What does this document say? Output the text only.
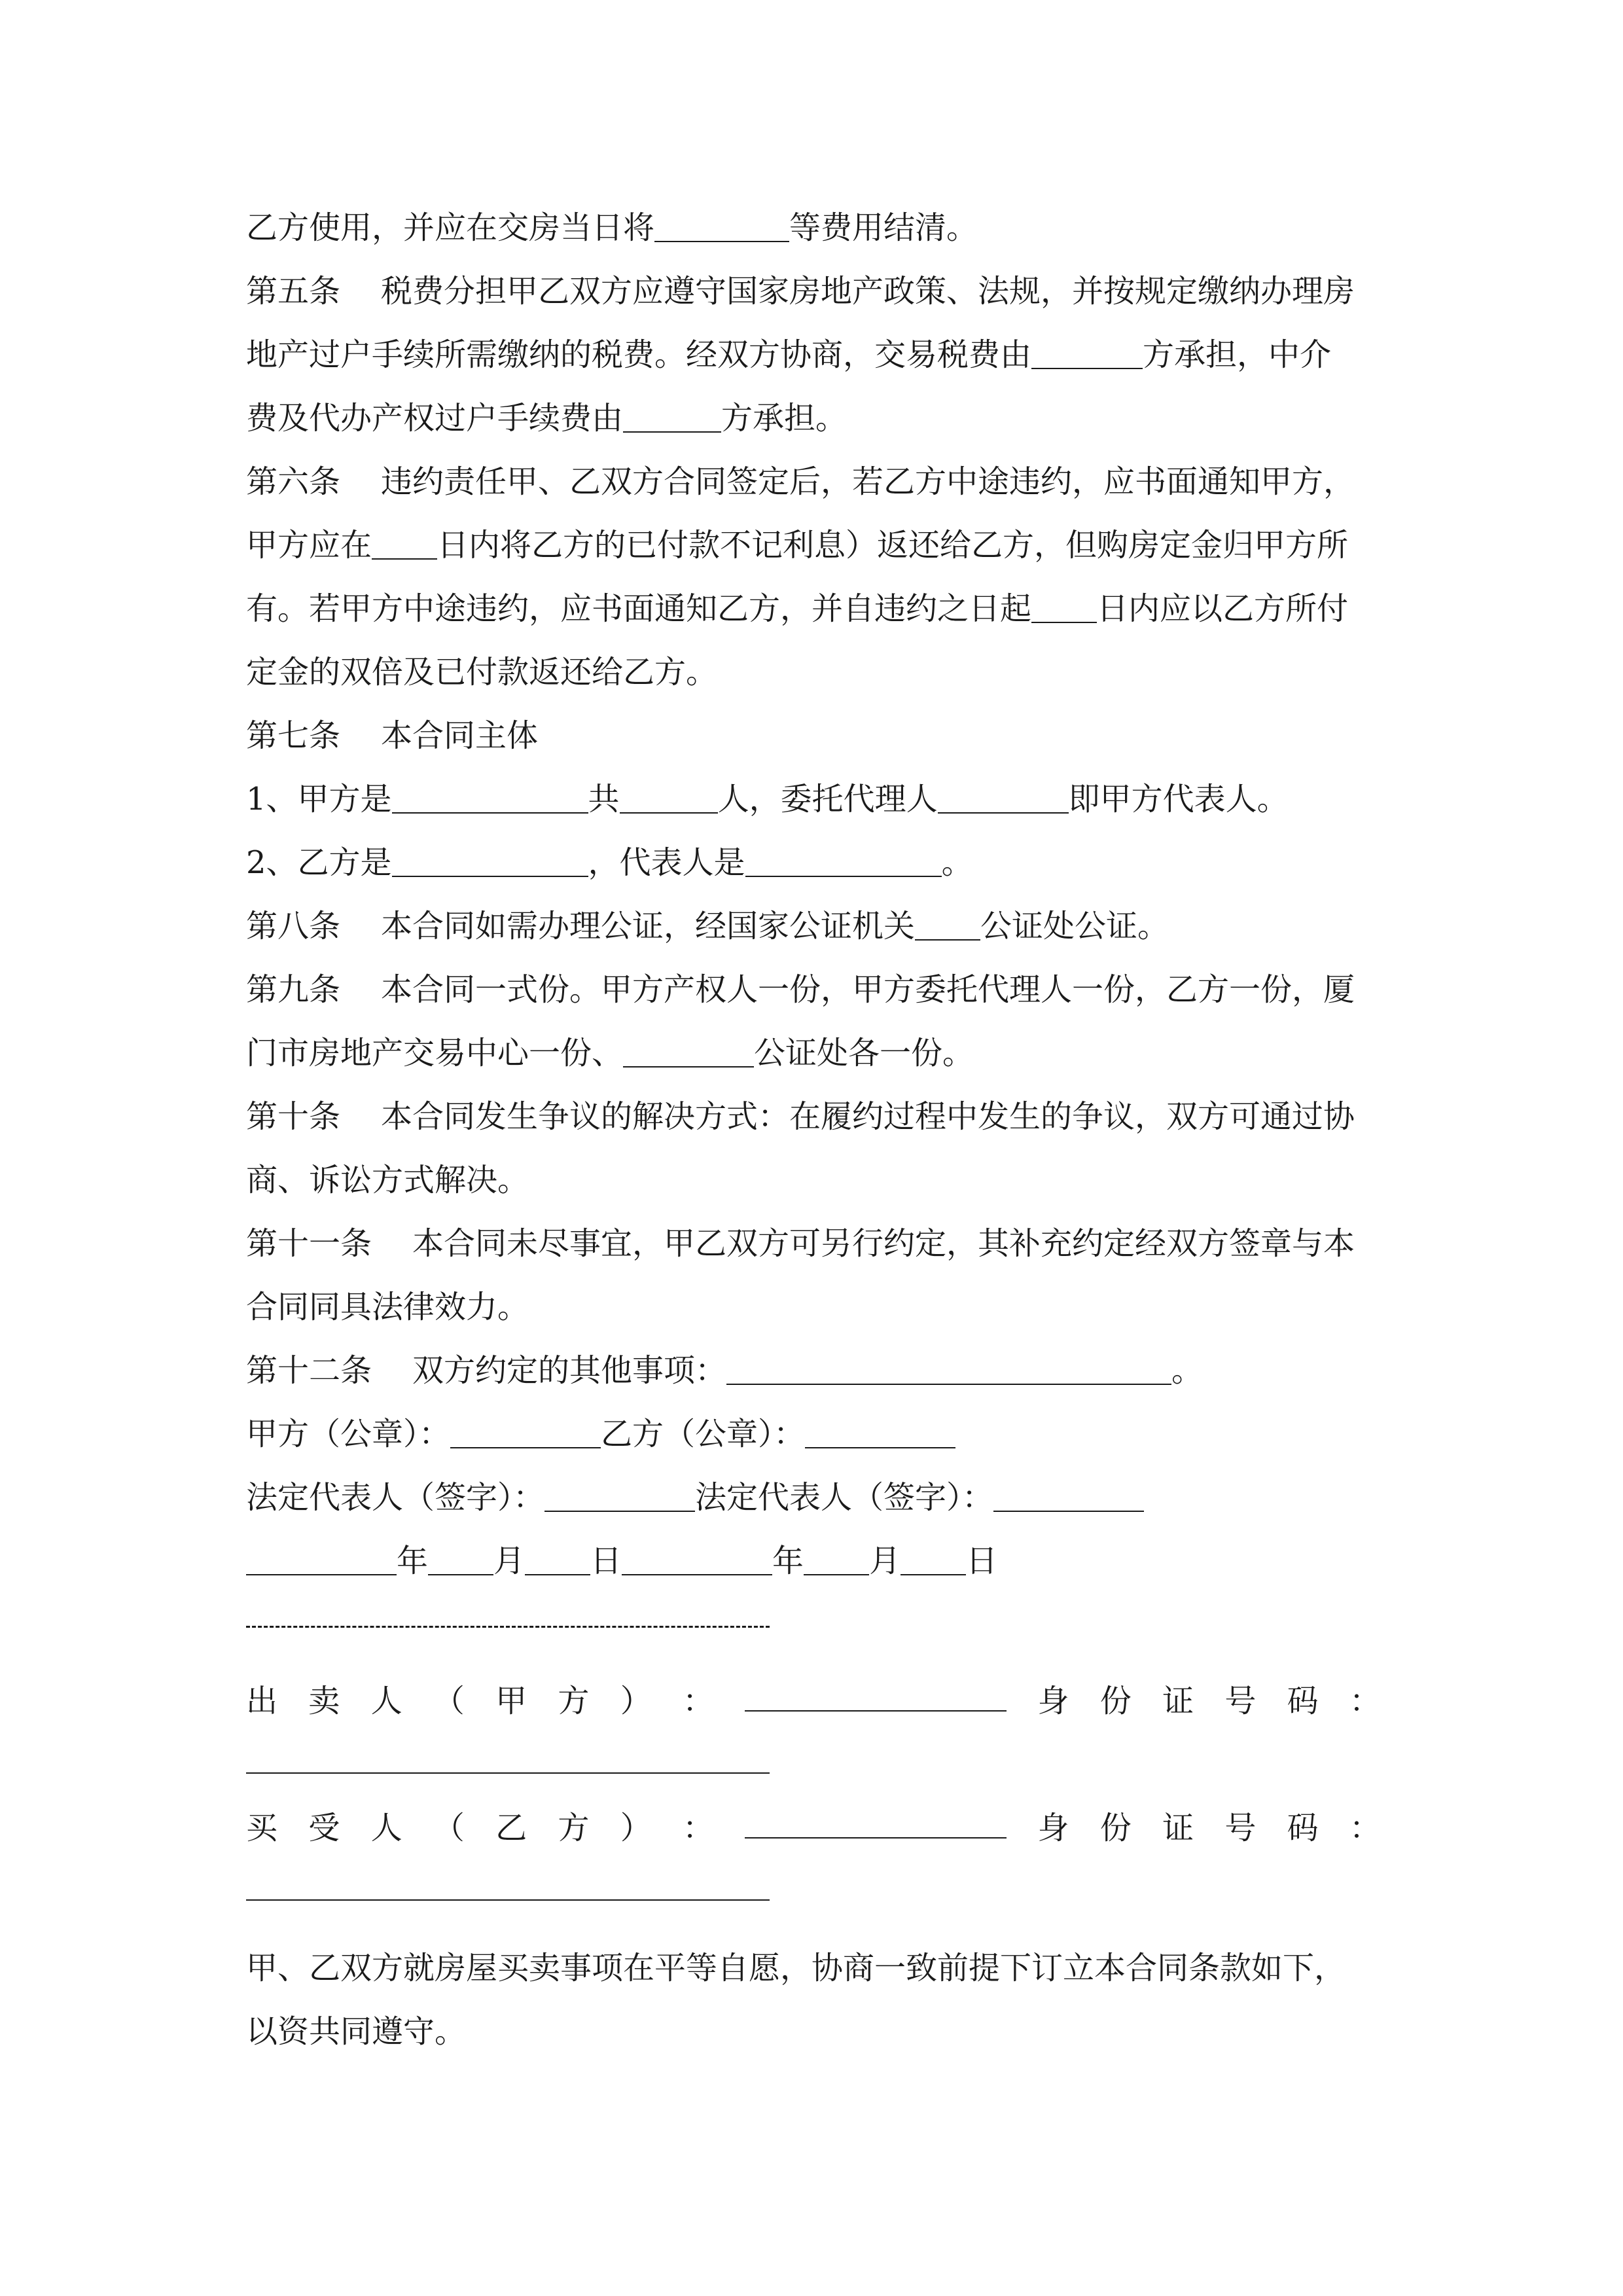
乙方使用，并应在交房当日将	等费用结清。
第五条 税费分担甲乙双方应遵守国家房地产政策、法规，并按规定缴纳办理房
地产过户手续所需缴纳的税费。经双方协商，交易税费由	方承担，中介
费及代办产权过户手续费由	方承担。
第六条 违约责任甲、乙双方合同签定后，若乙方中途违约，应书面通知甲方，
甲方应在 日内将乙方的已付款不记利息）返还给乙方，但购房定金归甲方所
有。若甲方中途违约，应书面通知乙方，并自违约之日起 日内应以乙方所付
定金的双倍及已付款返还给乙方。
第七条 本合同主体
1、甲方是	共	人，委托代理人	即甲方代表人。
2、乙方是	，代表人是	。
第八条 本合同如需办理公证，经国家公证机关 公证处公证。
第九条 本合同一式份。甲方产权人一份，甲方委托代理人一份，乙方一份，厦
门市房地产交易中心一份、	公证处各一份。
第十条 本合同发生争议的解决方式：在履约过程中发生的争议，双方可通过协
商、诉讼方式解决。
第十一条 本合同未尽事宜，甲乙双方可另行约定，其补充约定经双方签章与本
合同同具法律效力。
第十二条 双方约定的其他事项：	。
甲方（公章）：	乙方（公章）：
法定代表人（签字）：	法定代表人（签字）：
年 月 日	年 月 日
出 卖 人 （ 甲 方 ） ：	身 份 证 号 码 ：
买 受 人 （ 乙 方 ） ：	身 份 证 号 码 ：
甲、乙双方就房屋买卖事项在平等自愿，协商一致前提下订立本合同条款如下，
以资共同遵守。
